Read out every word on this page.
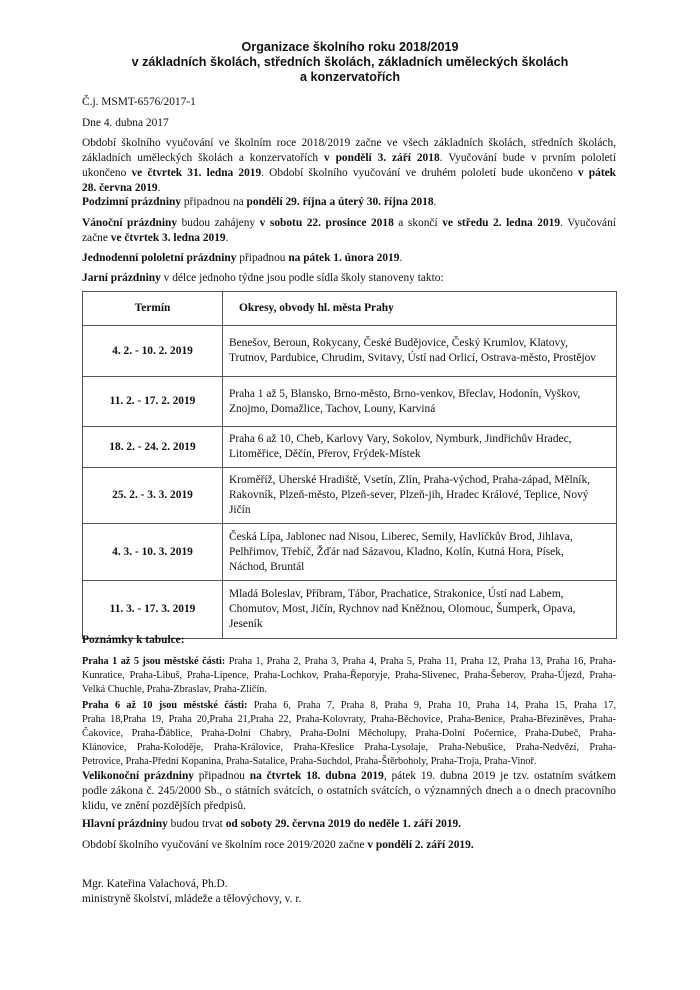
Organizace školního roku 2018/2019
v základních školách, středních školách, základních uměleckých školách
a konzervatořích
Č.j. MSMT-6576/2017-1
Dne 4. dubna 2017
Období školního vyučování ve školním roce 2018/2019 začne ve všech základních školách, středních školách,
základních uměleckých školách a konzervatořích v pondělí 3. září 2018. Vyučování bude v prvním pololetí
ukončeno ve čtvrtek 31. ledna 2019. Období školního vyučování ve druhém pololetí bude ukončeno v pátek
28. června 2019.
Podzimní prázdniny připadnou na pondělí 29. října a úterý 30. října 2018.
Vánoční prázdniny budou zahájeny v sobotu 22. prosince 2018 a skončí ve středu 2. ledna 2019. Vyučování
začne ve čtvrtek 3. ledna 2019.
Jednodenní pololetní prázdniny připadnou na pátek 1. února 2019.
Jarní prázdniny v délce jednoho týdne jsou podle sídla školy stanoveny takto:
Termín	Okresy, obvody hl. města Prahy
4. 2. - 10. 2. 2019	Benešov, Beroun, Rokycany, České Budějovice, Český Krumlov, Klatovy,
Trutnov, Pardubice, Chrudim, Svitavy, Ústí nad Orlicí, Ostrava-město, Prostějov

11. 2. - 17. 2. 2019	Praha 1 až 5, Blansko, Brno-město, Brno-venkov, Břeclav, Hodonín, Vyškov,
Znojmo, Domažlice, Tachov, Louny, Karviná

18. 2. - 24. 2. 2019	Praha 6 až 10, Cheb, Karlovy Vary, Sokolov, Nymburk, Jindřichův Hradec,
Litoměřice, Děčín, Přerov, Frýdek-Místek

25. 2. - 3. 3. 2019	Kroměříž, Uherské Hradiště, Vsetín, Zlín, Praha-východ, Praha-západ, Mělník,
Rakovník, Plzeň-město, Plzeň-sever, Plzeň-jih, Hradec Králové, Teplice, Nový
Jičín

4. 3. - 10. 3. 2019	Česká Lípa, Jablonec nad Nisou, Liberec, Semily, Havlíčkův Brod, Jihlava,
Pelhřimov, Třebíč, Žďár nad Sázavou, Kladno, Kolín, Kutná Hora, Písek,
Náchod, Bruntál

11. 3. - 17. 3. 2019	Mladá Boleslav, Příbram, Tábor, Prachatice, Strakonice, Ústí nad Labem,
Chomutov, Most, Jičín, Rychnov nad Kněžnou, Olomouc, Šumperk, Opava,
Jeseník
Poznámky k tabulce:
Praha 1 až 5 jsou městské části: Praha 1, Praha 2, Praha 3, Praha 4, Praha 5, Praha 11, Praha 12, Praha 13, Praha 16, Praha-
Kunratice, Praha-Libuš, Praha-Lipence, Praha-Lochkov, Praha-Řeporyje, Praha-Slivenec, Praha-Šeberov, Praha-Újezd, Praha-
Velká Chuchle, Praha-Zbraslav, Praha-Zličín.
Praha 6 až 10 jsou městské části: Praha 6, Praha 7, Praha 8, Praha 9, Praha 10, Praha 14, Praha 15, Praha 17,
Praha 18,Praha 19, Praha 20,Praha 21,Praha 22, Praha-Kolovraty, Praha-Běchovice, Praha-Benice, Praha-Březiněves, Praha-
Čakovice, Praha-Ďáblice, Praha-Dolní Chabry, Praha-Dolní Měcholupy, Praha-Dolní Počernice, Praha-Dubeč, Praha-
Klánovice, Praha-Koloděje, Praha-Královice, Praha-Křeslice Praha-Lysolaje, Praha-Nebušice, Praha-Nedvězí, Praha-
Petrovice, Praha-Přední Kopanina, Praha-Satalice, Praha-Suchdol, Praha-Štěrboholy, Praha-Troja, Praha-Vinoř.
Velikonoční prázdniny připadnou na čtvrtek 18. dubna 2019, pátek 19. dubna 2019 je tzv. ostatním svátkem
podle zákona č. 245/2000 Sb., o státních svátcích, o ostatních svátcích, o významných dnech a o dnech pracovního
klidu, ve znění pozdějších předpisů.
Hlavní prázdniny budou trvat od soboty 29. června 2019 do neděle 1. září 2019.
Období školního vyučování ve školním roce 2019/2020 začne v pondělí 2. září 2019.
Mgr. Kateřina Valachová, Ph.D.
ministryně školství, mládeže a tělovýchovy, v. r.
